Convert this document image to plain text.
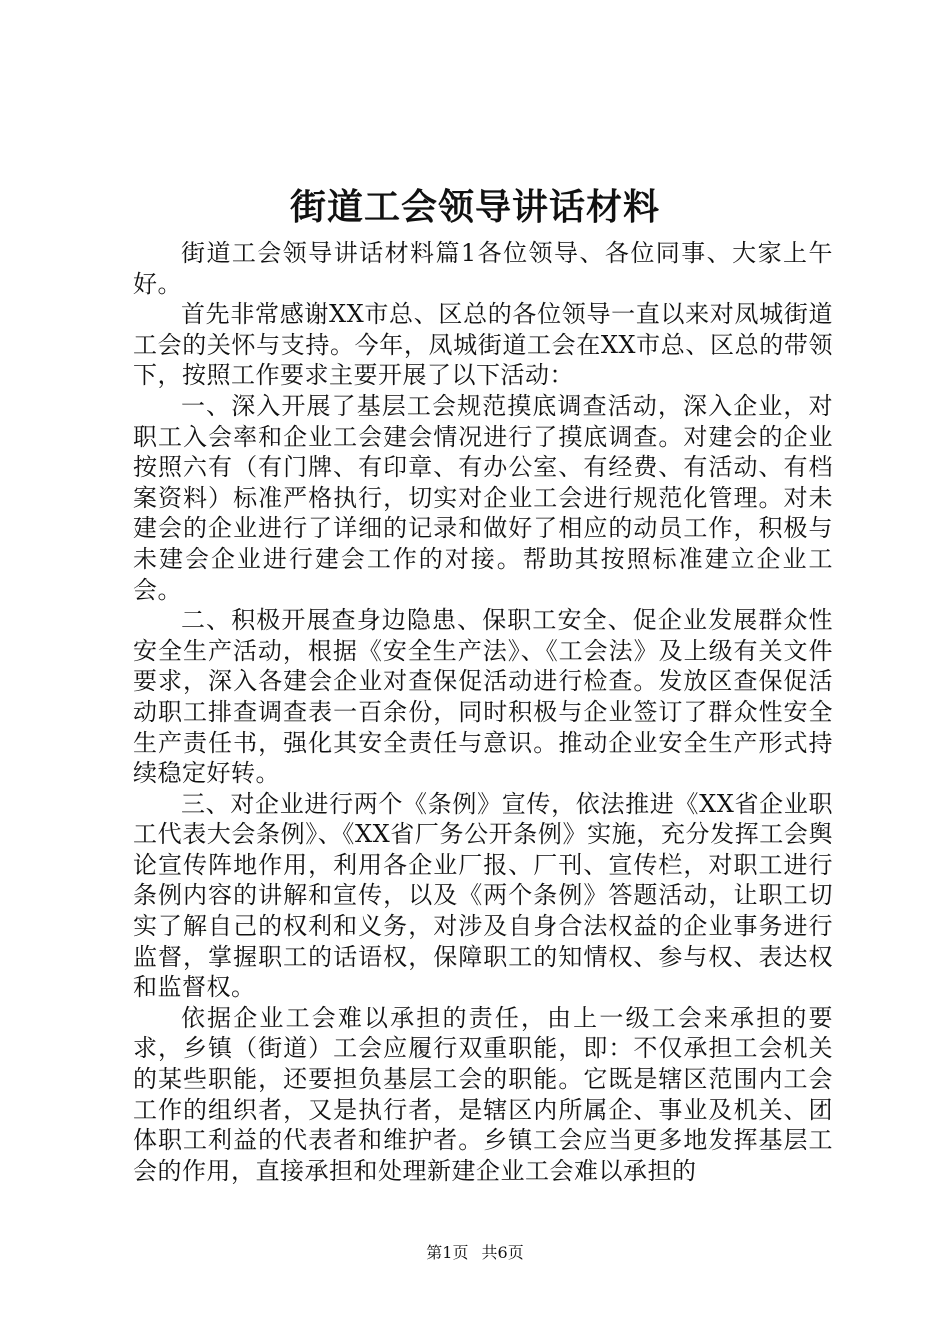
街道工会领导讲话材料

街道工会领导讲话材料篇1各位领导、各位同事、大家上午好。

首先非常感谢XX市总、区总的各位领导一直以来对凤城街道工会的关怀与支持。今年，凤城街道工会在XX市总、区总的带领下，按照工作要求主要开展了以下活动：

一、深入开展了基层工会规范摸底调查活动，深入企业，对职工入会率和企业工会建会情况进行了摸底调查。对建会的企业按照六有（有门牌、有印章、有办公室、有经费、有活动、有档案资料）标准严格执行，切实对企业工会进行规范化管理。对未建会的企业进行了详细的记录和做好了相应的动员工作，积极与未建会企业进行建会工作的对接。帮助其按照标准建立企业工会。

二、积极开展查身边隐患、保职工安全、促企业发展群众性安全生产活动，根据《安全生产法》、《工会法》及上级有关文件要求，深入各建会企业对查保促活动进行检查。发放区查保促活动职工排查调查表一百余份，同时积极与企业签订了群众性安全生产责任书，强化其安全责任与意识。推动企业安全生产形式持续稳定好转。

三、对企业进行两个《条例》宣传，依法推进《XX省企业职工代表大会条例》、《XX省厂务公开条例》实施，充分发挥工会舆论宣传阵地作用，利用各企业厂报、厂刊、宣传栏，对职工进行条例内容的讲解和宣传，以及《两个条例》答题活动，让职工切实了解自己的权利和义务，对涉及自身合法权益的企业事务进行监督，掌握职工的话语权，保障职工的知情权、参与权、表达权和监督权。

依据企业工会难以承担的责任，由上一级工会来承担的要求，乡镇（街道）工会应履行双重职能，即：不仅承担工会机关的某些职能，还要担负基层工会的职能。它既是辖区范围内工会工作的组织者，又是执行者，是辖区内所属企、事业及机关、团体职工利益的代表者和维护者。乡镇工会应当更多地发挥基层工会的作用，直接承担和处理新建企业工会难以承担的

第1页 共6页
